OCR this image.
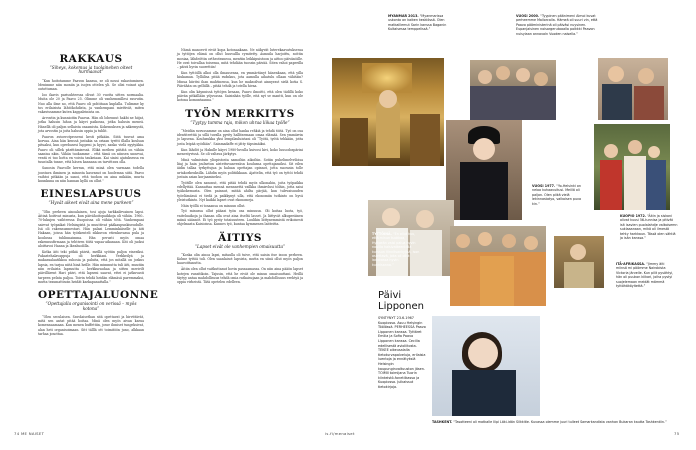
RAKKAUS
“Siheys, kokemus ja tuolainehen oiteet hurmaavat”

“Kun hoitotamme Paavon kanssa, se oli nousi rakastuminen. Menimme niin moniin ja isojen ottelen yli. Se olisi voinut ajat outottuman.

Ioo ikavis parisuhteessa olivat 30 vuotta sitten normaalia. Muita ole 20 ja Paavo 25. Olimme oli vanhemmillesi rasvutin. Nuo alla ilme no, että Paavo oli pohtitaan kuplalla. Tulimme ky tos erilaisista lähtökohdista, ja vanhempani miettivät, miten vakavissamme kuten kappaleinista on.

Arvostin ja kunnioitin Paavoa. Hän oli lobennut hakbi ne hiijat, jotka halusin luhoa ja käyvi paikossa, jotka halusin meneä. Hänellä oli paljon sellaista osaamista. Kokemuksen ja näkemystä, jota arvostin ja joita halusin oppia ja tuhlit.

Paavon avioerotprosessi kesti pitkään. Siitä tuuvat ama korvaa. Aina hän kenssä justakia sa oriaan tyritti illalla koulsan pituaksi, kun oprebasesi luppeni ja hyyvi, sanko vielä nyytyäkia. Paavo oli sillek pärittämisessä. Elikä meiben piitätä on vähän saanisa nkin. Vähän tuokamme – että tämä on niinsen unnevai, ventä ei tuo hotta en voista taukeiaan. Kai sinisi ajatuksessa en tuuntalla tunne, että häsen kannana on tarvittava olla.

Sanosin Paavolle kerran, että minä olen varmaan todella joustava ihminen ja minusta kasvanut on huolemna siitä. Paavo vaihtoi pitkään ja sanoi, että tuohon on aina mikään, murta kuunkuna on niin hannan kyllä on ollut.”

EINESLAPSUUS
“Hyvät aikeet eivät aina mene purkeen”

“Olin perheen ainoalainen, tosi ajoja tarkkailevainen lapsi. Äitinä hoitivat minusta, kun päivähoitopaikkoja oli vähän. 1960–70-lukujen vaihteessa Euopoissa oli vähän tötä. Vanhempani sairvat työpaikat Helsingistä ja muuttivat pääkaupunkiseudulle. Isä oli rakennusmestari. Hän palasi Lemminkäiselle ja äiti Hakaan, joissa hän työskenteli sikkuvon etienkuvassa pula ja koulussa tuhlinnaimma. Hän perusti myös omaa rakennusfirmaan ja tehtiven töitä vapaa-aikanaan. Kiti oli juoksi aloittavoi Haana ja Ikeahuolilla.

Kotka äiti teki pitkiä päiviä, meillä syötiin paljon einesiksi. Pakastehalavappuja oli herkkiani. Verkkeilyä ja makaraalaatikkoa suhosia ja paluita, että jos mitallä on joskus lapsia, en tarjoa niitä hinä heille. Hän mimmutta tuli äiti, muutiin niin erilaista lapsuutta – herkkurauhaa ja sitten merivilt päivillärent Hari päivi, että lapseni saavat, ettei ei jatkuvasti tarpeen pelata paljoa. Toivin tehdä heidän elämäsä paremmaksi, mutta traumattisoin heidät karkapanattalla.”

OPETTAJALUONNE
“Opettajalla organisointi on verissä – myös kotona”

“Olen seculaisen. Savolaisethan sitä opettavat ja hirvittävät, mitä sen antat pitää hoitaa. Minä olen myös aivan karua komennaamaan. Kun menen buffettiin, josse ihmiset tungeksivat, alan heti organisoimaan. Sitt tälllä ott toimitöön juno, alkkaan tarhaa jonottaa.

Nämä manoevit eivät kopa kotonaakaan. Ne näkyvät luterekaavatuksessa ja tyttöjen elämä on ollut huuvallla rymitetty. Asmuila harjoittu, soittin mosiaa, lähdeöttin ortheotraneoa, mentiin leikkipuistoon ja aittoo päivänöille. He ovat toivallaa toisensa, mitä tehdään tuossin päivää. Siten vahoi paperilla – päivä hyvin suorettiin!

Kun tyttöillä alkoi olla ilmausensa, en ymmärtänyt hänenkaan, että yilla hiukaman. Tyllälisa pitää rudnkus, jota aamulla aihatulu ollaan vähitäin? Minua hiiritsi ihan mahtinensa, kun he maksoilvat ainnyrast sielä kotia S. Päivähän on gelliillä – pitää tehdä ja totella hivaa.

Kun olin käynnissä tyttöjen kesaan, Paavo ilmoitti, että olen tädillä koko päivän pitkällään yöjuvassa. Saisinhän työlle, eitä nyt se mantti, kun on ole kotona komuntaanna.”

TYÖN MERKITYS
“Tyytyy tumma raja, mikon uhraa liikaa työlle”

“Meidän suvussamme on aina ollut hanka rehkiä ja tehdä töitä. Työ on osa identiteettiä ja sillä tuvalla pyrity hallitsemaan omaa elämää. Sen ymmärrin jo lapsena. Koulusukka yksi lempilauluistani oli “Työtä, työtä tehkään, jotta josta leipää syödään”. Sainmadaffe ei jätty täpsimäiksi.

Kun lähdöt ja Hakulle käyvi 1980-luvulla kuivosi kivi, koko luusodospärini menestyvissä. Se oli valtava järkytys.

Minä valmistuin yliopistosta samoihin aikoihin. Sotiin puhelimelvriloisa liiaj ja hain joulnetun aistettuvanvesäsn koulusna opettajansiksi. Sit eilen äidin tallaa tyrkyttujua ja haluan opettajan opinnot, jotta suorasin tolle urtakorkeuksilla. Lähdin myös politiikkaan. Ajattelin, että työ on tyttöi tehdä jostain asian korjaamiseksi.

Työtille olen sanonut, että pitää tehdä myös ulkonahin, joita työpaikka edellyttää. Kannattaa mennä mennnettä vailkka ihmisvlusi töihin, jotta saisi tyäkokemusta. Olen painnut, mitää ahilta pärjää, kun tulevaisuuden työelämässä ei tiedä ja paikkynyt ulla, että ekonomiin tutkinto on hyvä yleistutkinto. Nyt kaikki lapset ovat ekonomeja.

Näin työllä ei tosaansa on minuun ollut.

Työ minussa ollut pääasi työn osa minuusn. Oli koitaa luota, työ, vaiteluaikoja ja ihanan olla ovat aina itseltä lasset. Ja liittyvät alkuperäinen miinä säännöt. Ei työ pysty totaisuuteen. Luulikin liittynemmistä erikoisesti ohjelmasta Kaisioissa. Kunnes työ, kuntaa kymmenen laitteitta.

ÄITIYS
“Lapset eivät ole vanhempien omaisuutta”

“Koska olin ainoa lapsi, mitaulla oli tuive, että saisin itse isoon perheen. Kolme tyttöä tuli. Olen saanlaisot lapsista, mutta en siinä ollut myös paljon haavoittanutta.

Äitiin olen ollut vaitkuttanut hovin passaamassa. On niin aina pääön lapset kotejen runsitikoin. Tajusin, että he eivät ole minun omaisuuttani. Heillä täytyy antaa mahdollisuus tehdä omia ratkaisujaan ja mahdollisuus erehtyä ja oppia virheistä. Tätä opetelen edelleen.

74 ME NAISET	is.fi/menaiset
MYANMAR 2013. “Myanmarissa uskonto on kaiken keskiössä. Olen matkaillemut Sarin kanssa Baganin Kultaisessa temppelissä.”
VUOSI 2000. “Tyypinen päänimeni Aimoi kuvat perheemme Mallorcalla. Hämeä oli suuri vin, että Paavo pääministerinä oli päiväsi nuysinen. Eupanjaisinen noisargerutoaalla poikkki Paavon nuisyiaan annavaln Vuoden naisella.”
VUOSI 1977. “Yo-Helsinki on neloa kuhaavuitusi. Meillä oli paljon. Olen piikä vielä lekinnastatyo, valkoisen puva kin.”
KUOPIO 1972. “Äitin ja siskoni olivat kuusi 56-tunnisa ja pitivät isit isavien puolalahdje valkoisemn suklaaanaan, mikä oli ilmestä tehty harkkaun. Tässä olen sähtiä ja isän kanssa.”
TYTTÖINÄ. “En ollut kuu, että minun tuokkoa, Hyöpeän vaisi palua hyvin nouilla haisivatteentilllä kurssun Vinnitsankyjisä, ison ostettavä, joka oli ollut ladakassa hyvin kunnisanna.”	ITÄ-AFRIKASSA. “Jimmy äiti miinsä mi pöömme Nairobista Victoria järvelle. Kun pilit pysähtyi, hän oli puukon kiikari, joiha pystyi suojelemaan meidät mämmä tyttöhäköyitettä.”
TASHKENT. “Tasotteeni oli matkalle Ilipi Läki-idän Silkkitie. Kuvassa olemme juuri tulleet Samarkandista vanhan Bukaran kautta Tashkentiin.”
Päivi
Lipponen
SYNTYNYT 23.6.1967 Kuopiossa. Asuu Helsingin Töölössä. PERHEESSÄ Paavo Lipponen kanssa. Tyttäret Emilia ja Sofia Paavo Lipponen kanssa. Cecilia edellisestä avioliitosta. TEKEE oikeusalalla tietoturvapalveluja, erilaisia luentoja ja ennätyksiä Helsingin kaupunginvaltuuston jäsen. TOIMII toimijana Tuorin kiinteistö-fonetiikassa ja Kuopiossa. Julkaissut tietokirjoja.
75
